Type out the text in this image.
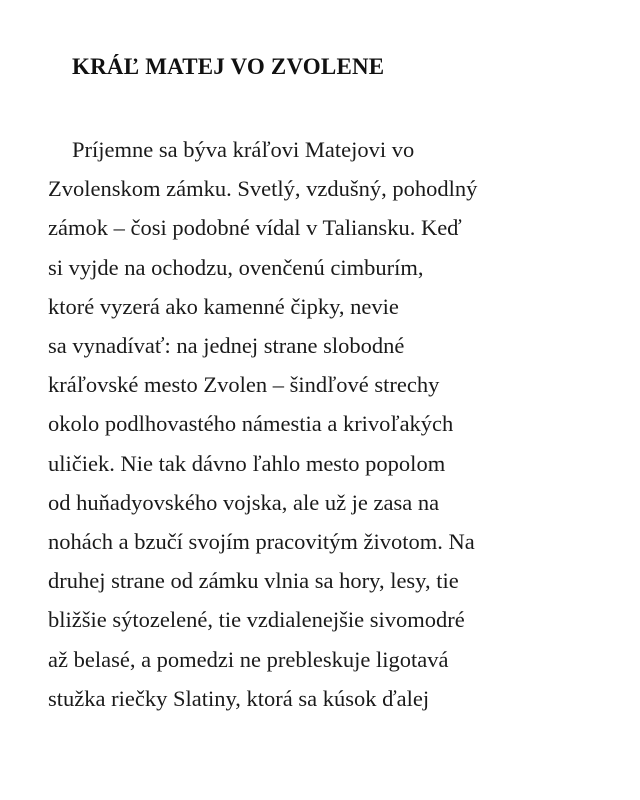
KRÁĽ MATEJ VO ZVOLENE

Príjemne sa býva kráľovi Matejovi vo
Zvolenskom zámku. Svetlý, vzdušný, pohodlný
zámok – čosi podobné vídal v Taliansku. Keď
si vyjde na ochodzu, ovenčenú cimburím,
ktoré vyzerá ako kamenné čipky, nevie
sa vynadívať: na jednej strane slobodné
kráľovské mesto Zvolen – šindľové strechy
okolo podlhovastého námestia a krivoľakých
uličiek. Nie tak dávno ľahlo mesto popolom
od huňadyovského vojska, ale už je zasa na
nohách a bzučí svojím pracovitým životom. Na
druhej strane od zámku vlnia sa hory, lesy, tie
bližšie sýtozelené, tie vzdialenejšie sivomodré
až belasé, a pomedzi ne prebleskuje ligotavá
stužka riečky Slatiny, ktorá sa kúsok ďalej
